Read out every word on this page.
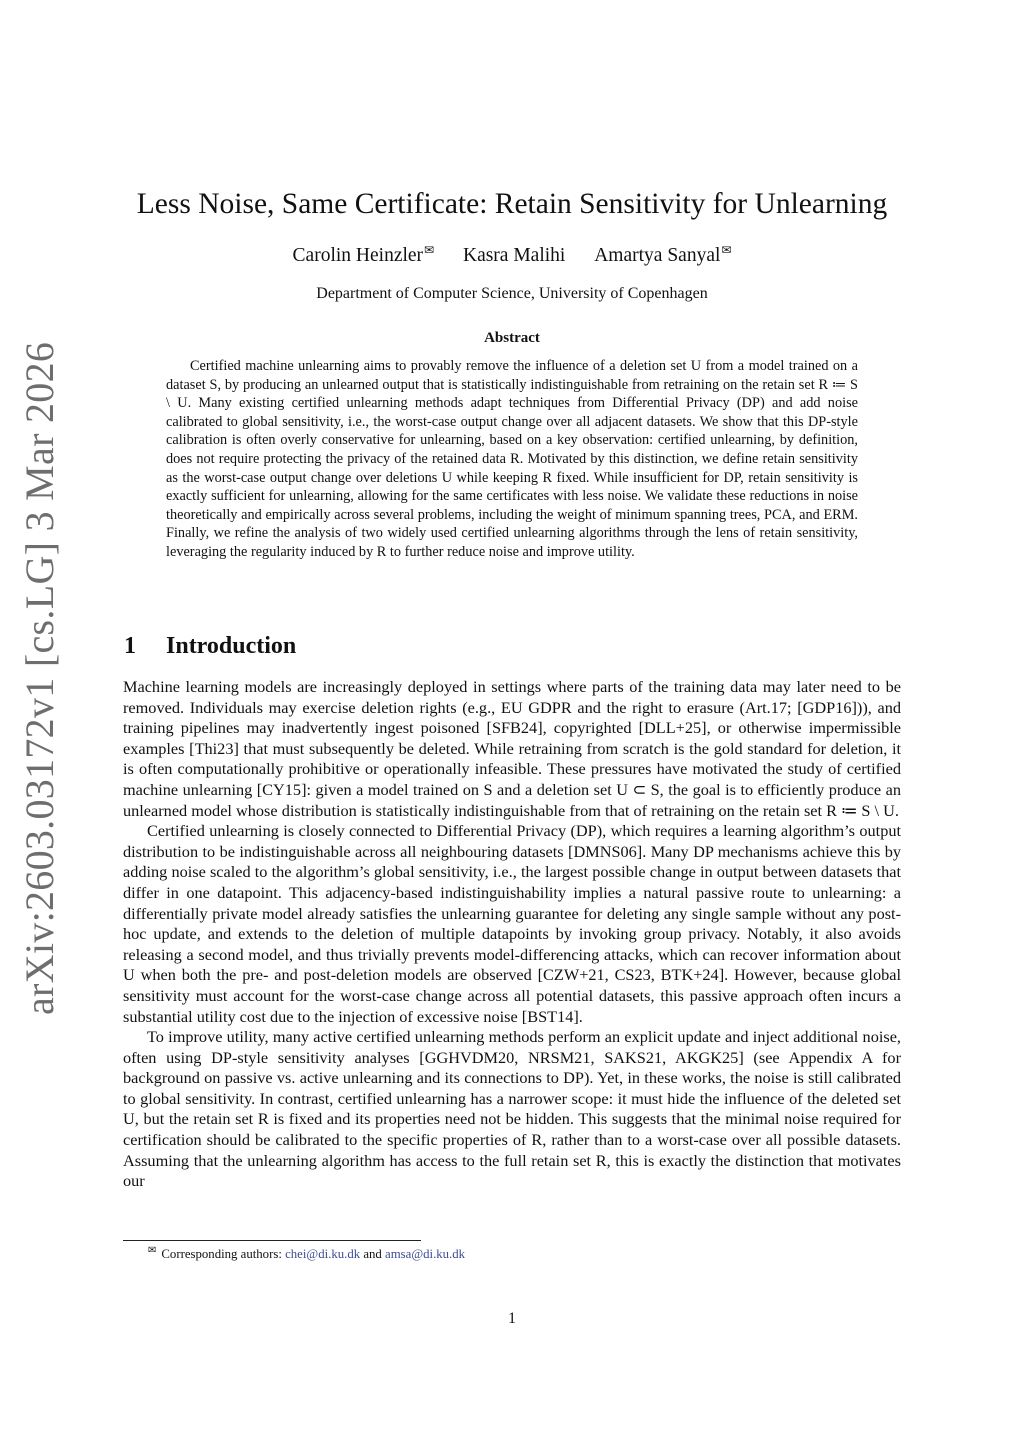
arXiv:2603.03172v1 [cs.LG] 3 Mar 2026
Less Noise, Same Certificate: Retain Sensitivity for Unlearning
Carolin Heinzler✉ Kasra Malihi Amartya Sanyal✉
Department of Computer Science, University of Copenhagen
Abstract

Certified machine unlearning aims to provably remove the influence of a deletion set U from a model trained on a dataset S, by producing an unlearned output that is statistically indistinguishable from retraining on the retain set R ≔ S \ U. Many existing certified unlearning methods adapt techniques from Differential Privacy (DP) and add noise calibrated to global sensitivity, i.e., the worst-case output change over all adjacent datasets. We show that this DP-style calibration is often overly conservative for unlearning, based on a key observation: certified unlearning, by definition, does not require protecting the privacy of the retained data R. Motivated by this distinction, we define retain sensitivity as the worst-case output change over deletions U while keeping R fixed. While insufficient for DP, retain sensitivity is exactly sufficient for unlearning, allowing for the same certificates with less noise. We validate these reductions in noise theoretically and empirically across several problems, including the weight of minimum spanning trees, PCA, and ERM. Finally, we refine the analysis of two widely used certified unlearning algorithms through the lens of retain sensitivity, leveraging the regularity induced by R to further reduce noise and improve utility.

1 Introduction

Machine learning models are increasingly deployed in settings where parts of the training data may later need to be removed. Individuals may exercise deletion rights (e.g., EU GDPR and the right to erasure (Art.17; [GDP16])), and training pipelines may inadvertently ingest poisoned [SFB24], copyrighted [DLL+25], or otherwise impermissible examples [Thi23] that must subsequently be deleted. While retraining from scratch is the gold standard for deletion, it is often computationally prohibitive or operationally infeasible. These pressures have motivated the study of certified machine unlearning [CY15]: given a model trained on S and a deletion set U ⊂ S, the goal is to efficiently produce an unlearned model whose distribution is statistically indistinguishable from that of retraining on the retain set R ≔ S \ U.

Certified unlearning is closely connected to Differential Privacy (DP), which requires a learning algorithm’s output distribution to be indistinguishable across all neighbouring datasets [DMNS06]. Many DP mechanisms achieve this by adding noise scaled to the algorithm’s global sensitivity, i.e., the largest possible change in output between datasets that differ in one datapoint. This adjacency-based indistinguishability implies a natural passive route to unlearning: a differentially private model already satisfies the unlearning guarantee for deleting any single sample without any post-hoc update, and extends to the deletion of multiple datapoints by invoking group privacy. Notably, it also avoids releasing a second model, and thus trivially prevents model-differencing attacks, which can recover information about U when both the pre- and post-deletion models are observed [CZW+21, CS23, BTK+24]. However, because global sensitivity must account for the worst-case change across all potential datasets, this passive approach often incurs a substantial utility cost due to the injection of excessive noise [BST14].

To improve utility, many active certified unlearning methods perform an explicit update and inject additional noise, often using DP-style sensitivity analyses [GGHVDM20, NRSM21, SAKS21, AKGK25] (see Appendix A for background on passive vs. active unlearning and its connections to DP). Yet, in these works, the noise is still calibrated to global sensitivity. In contrast, certified unlearning has a narrower scope: it must hide the influence of the deleted set U, but the retain set R is fixed and its properties need not be hidden. This suggests that the minimal noise required for certification should be calibrated to the specific properties of R, rather than to a worst-case over all possible datasets. Assuming that the unlearning algorithm has access to the full retain set R, this is exactly the distinction that motivates our

✉ Corresponding authors: chei@di.ku.dk and amsa@di.ku.dk
1
